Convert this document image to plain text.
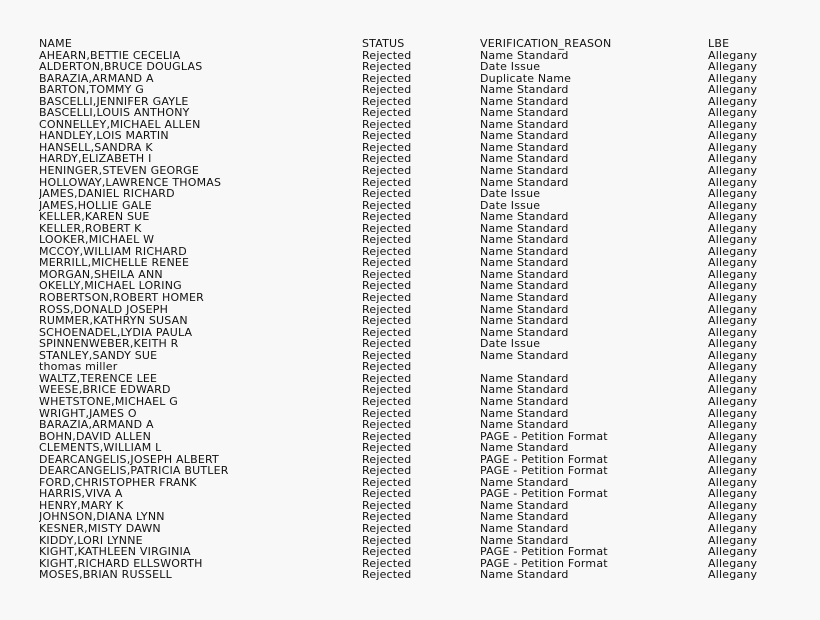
NAME	STATUS	VERIFICATION_REASON	LBE
AHEARN,BETTIE CECELIA	Rejected	Name Standard	Allegany
ALDERTON,BRUCE DOUGLAS	Rejected	Date Issue	Allegany
BARAZIA,ARMAND A	Rejected	Duplicate Name	Allegany
BARTON,TOMMY G	Rejected	Name Standard	Allegany
BASCELLI,JENNIFER GAYLE	Rejected	Name Standard	Allegany
BASCELLI,LOUIS ANTHONY	Rejected	Name Standard	Allegany
CONNELLEY,MICHAEL ALLEN	Rejected	Name Standard	Allegany
HANDLEY,LOIS MARTIN	Rejected	Name Standard	Allegany
HANSELL,SANDRA K	Rejected	Name Standard	Allegany
HARDY,ELIZABETH I	Rejected	Name Standard	Allegany
HENINGER,STEVEN GEORGE	Rejected	Name Standard	Allegany
HOLLOWAY,LAWRENCE THOMAS	Rejected	Name Standard	Allegany
JAMES,DANIEL RICHARD	Rejected	Date Issue	Allegany
JAMES,HOLLIE GALE	Rejected	Date Issue	Allegany
KELLER,KAREN SUE	Rejected	Name Standard	Allegany
KELLER,ROBERT K	Rejected	Name Standard	Allegany
LOOKER,MICHAEL W	Rejected	Name Standard	Allegany
MCCOY,WILLIAM RICHARD	Rejected	Name Standard	Allegany
MERRILL,MICHELLE RENEE	Rejected	Name Standard	Allegany
MORGAN,SHEILA ANN	Rejected	Name Standard	Allegany
OKELLY,MICHAEL LORING	Rejected	Name Standard	Allegany
ROBERTSON,ROBERT HOMER	Rejected	Name Standard	Allegany
ROSS,DONALD JOSEPH	Rejected	Name Standard	Allegany
RUMMER,KATHRYN SUSAN	Rejected	Name Standard	Allegany
SCHOENADEL,LYDIA PAULA	Rejected	Name Standard	Allegany
SPINNENWEBER,KEITH R	Rejected	Date Issue	Allegany
STANLEY,SANDY SUE	Rejected	Name Standard	Allegany
thomas miller	Rejected		Allegany
WALTZ,TERENCE LEE	Rejected	Name Standard	Allegany
WEESE,BRICE EDWARD	Rejected	Name Standard	Allegany
WHETSTONE,MICHAEL G	Rejected	Name Standard	Allegany
WRIGHT,JAMES O	Rejected	Name Standard	Allegany
BARAZIA,ARMAND A	Rejected	Name Standard	Allegany
BOHN,DAVID ALLEN	Rejected	PAGE - Petition Format	Allegany
CLEMENTS,WILLIAM L	Rejected	Name Standard	Allegany
DEARCANGELIS,JOSEPH ALBERT	Rejected	PAGE - Petition Format	Allegany
DEARCANGELIS,PATRICIA BUTLER	Rejected	PAGE - Petition Format	Allegany
FORD,CHRISTOPHER FRANK	Rejected	Name Standard	Allegany
HARRIS,VIVA A	Rejected	PAGE - Petition Format	Allegany
HENRY,MARY K	Rejected	Name Standard	Allegany
JOHNSON,DIANA LYNN	Rejected	Name Standard	Allegany
KESNER,MISTY DAWN	Rejected	Name Standard	Allegany
KIDDY,LORI LYNNE	Rejected	Name Standard	Allegany
KIGHT,KATHLEEN VIRGINIA	Rejected	PAGE - Petition Format	Allegany
KIGHT,RICHARD ELLSWORTH	Rejected	PAGE - Petition Format	Allegany
MOSES,BRIAN RUSSELL	Rejected	Name Standard	Allegany
